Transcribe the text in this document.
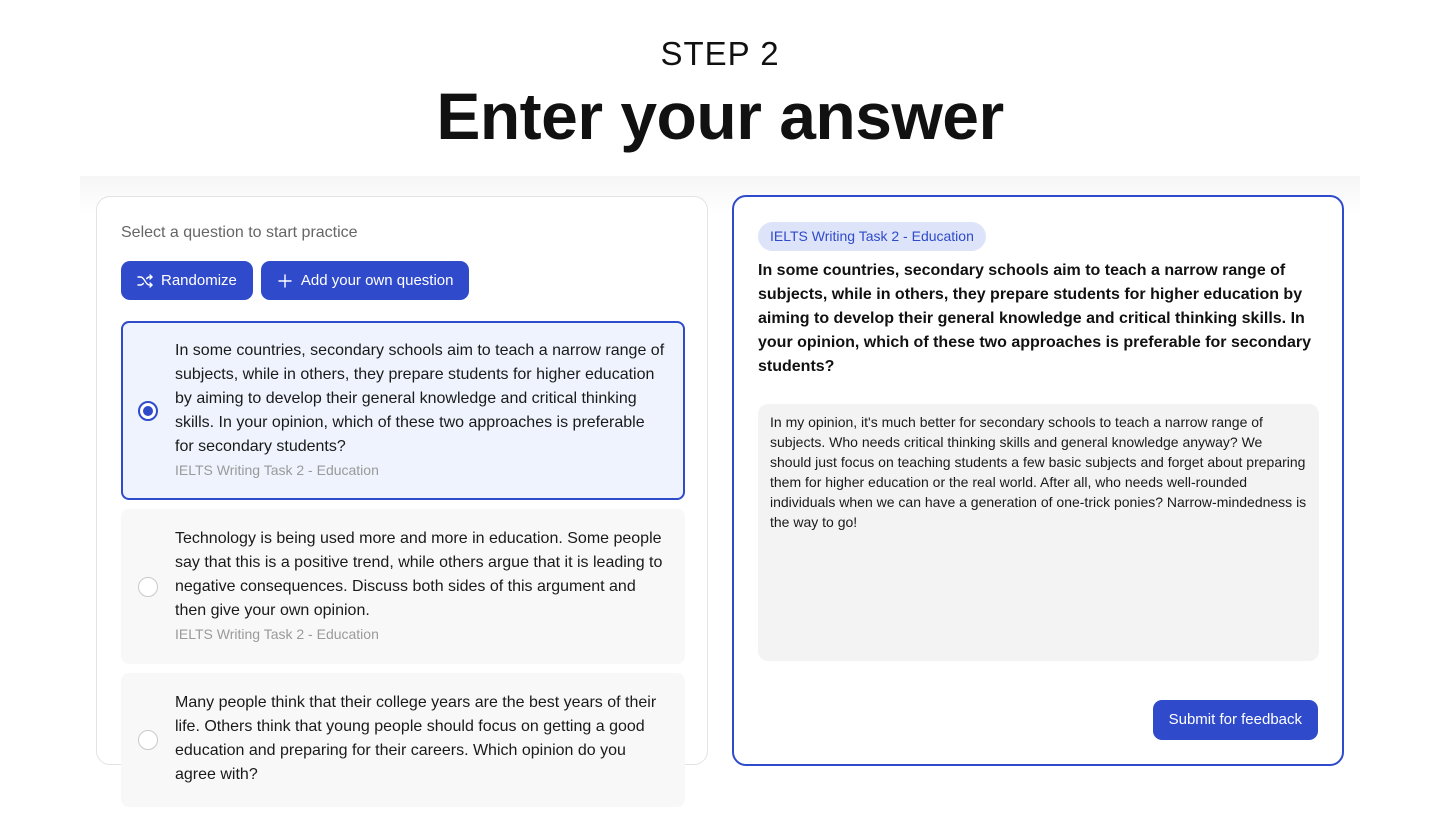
STEP 2
Enter your answer
Select a question to start practice
Randomize	Add your own question
In some countries, secondary schools aim to teach a narrow range of subjects, while in others, they prepare students for higher education by aiming to develop their general knowledge and critical thinking skills. In your opinion, which of these two approaches is preferable for secondary students?
IELTS Writing Task 2 - Education
Technology is being used more and more in education. Some people say that this is a positive trend, while others argue that it is leading to negative consequences. Discuss both sides of this argument and then give your own opinion.
IELTS Writing Task 2 - Education
Many people think that their college years are the best years of their life. Others think that young people should focus on getting a good education and preparing for their careers. Which opinion do you agree with?
IELTS Writing Task 2 - Education
In some countries, secondary schools aim to teach a narrow range of subjects, while in others, they prepare students for higher education by aiming to develop their general knowledge and critical thinking skills. In your opinion, which of these two approaches is preferable for secondary students?
In my opinion, it's much better for secondary schools to teach a narrow range of subjects. Who needs critical thinking skills and general knowledge anyway? We should just focus on teaching students a few basic subjects and forget about preparing them for higher education or the real world. After all, who needs well-rounded individuals when we can have a generation of one-trick ponies? Narrow-mindedness is the way to go!
Submit for feedback
